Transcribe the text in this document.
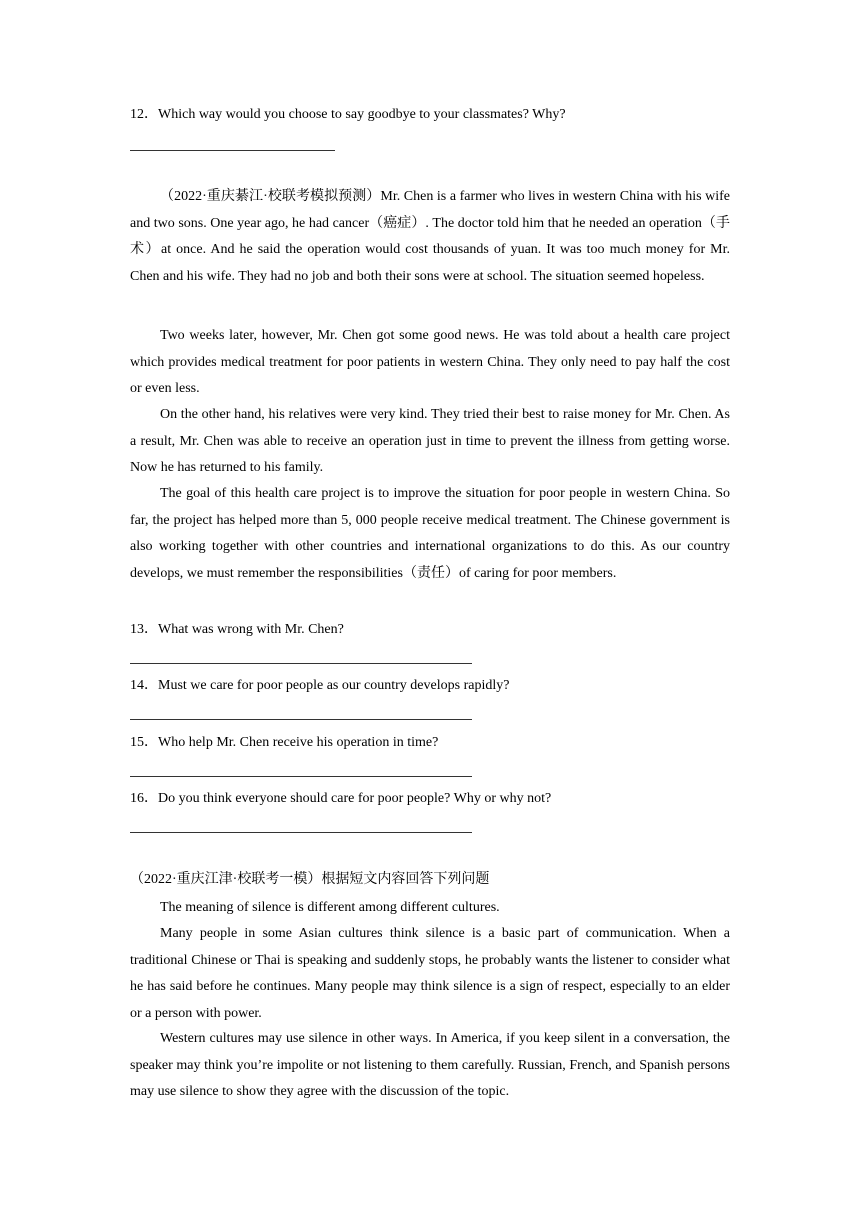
12．Which way would you choose to say goodbye to your classmates? Why?

（2022·重庆綦江·校联考模拟预测）Mr. Chen is a farmer who lives in western China with his wife and two sons. One year ago, he had cancer（癌症）. The doctor told him that he needed an operation（手术）at once. And he said the operation would cost thousands of yuan. It was too much money for Mr. Chen and his wife. They had no job and both their sons were at school. The situation seemed hopeless.

Two weeks later, however, Mr. Chen got some good news. He was told about a health care project which provides medical treatment for poor patients in western China. They only need to pay half the cost or even less.

On the other hand, his relatives were very kind. They tried their best to raise money for Mr. Chen. As a result, Mr. Chen was able to receive an operation just in time to prevent the illness from getting worse. Now he has returned to his family.

The goal of this health care project is to improve the situation for poor people in western China. So far, the project has helped more than 5, 000 people receive medical treatment. The Chinese government is also working together with other countries and international organizations to do this. As our country develops, we must remember the responsibilities（责任）of caring for poor members.

13．What was wrong with Mr. Chen?
14．Must we care for poor people as our country develops rapidly?
15．Who help Mr. Chen receive his operation in time?
16．Do you think everyone should care for poor people? Why or why not?
（2022·重庆江津·校联考一模）根据短文内容回答下列问题

The meaning of silence is different among different cultures.

Many people in some Asian cultures think silence is a basic part of communication. When a traditional Chinese or Thai is speaking and suddenly stops, he probably wants the listener to consider what he has said before he continues. Many people may think silence is a sign of respect, especially to an elder or a person with power.

Western cultures may use silence in other ways. In America, if you keep silent in a conversation, the speaker may think you’re impolite or not listening to them carefully. Russian, French, and Spanish persons may use silence to show they agree with the discussion of the topic.
